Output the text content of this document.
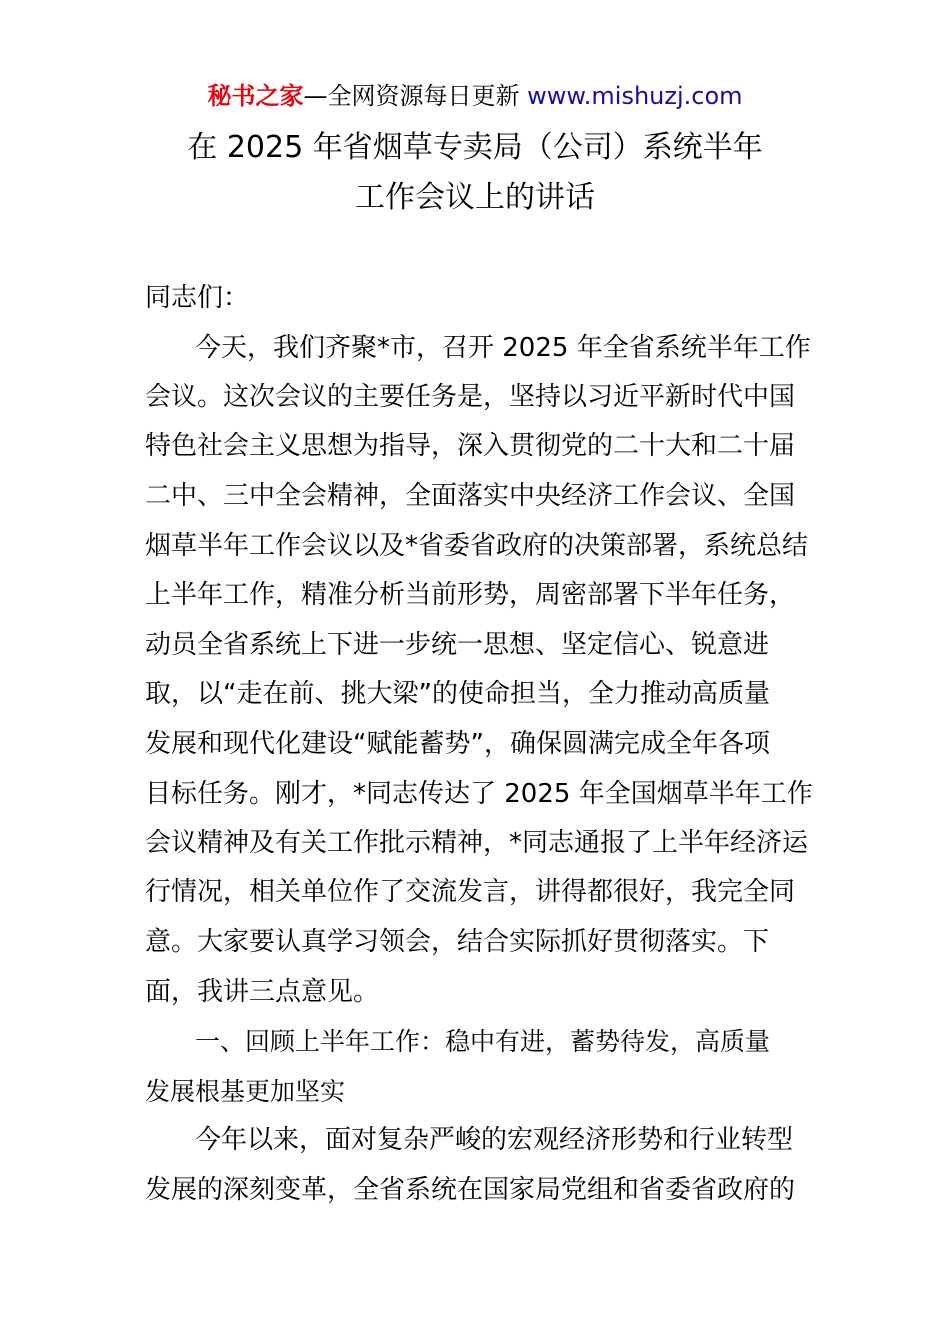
秘书之家—全网资源每日更新 www.mishuzj.com
在 2025 年省烟草专卖局（公司）系统半年
工作会议上的讲话
同志们：
今天，我们齐聚*市，召开 2025 年全省系统半年工作
会议。这次会议的主要任务是，坚持以习近平新时代中国
特色社会主义思想为指导，深入贯彻党的二十大和二十届
二中、三中全会精神，全面落实中央经济工作会议、全国
烟草半年工作会议以及*省委省政府的决策部署，系统总结
上半年工作，精准分析当前形势，周密部署下半年任务，
动员全省系统上下进一步统一思想、坚定信心、锐意进
取，以“走在前、挑大梁”的使命担当，全力推动高质量
发展和现代化建设“赋能蓄势”，确保圆满完成全年各项
目标任务。刚才，*同志传达了 2025 年全国烟草半年工作
会议精神及有关工作批示精神，*同志通报了上半年经济运
行情况，相关单位作了交流发言，讲得都很好，我完全同
意。大家要认真学习领会，结合实际抓好贯彻落实。下
面，我讲三点意见。
一、回顾上半年工作：稳中有进，蓄势待发，高质量
发展根基更加坚实
今年以来，面对复杂严峻的宏观经济形势和行业转型
发展的深刻变革，全省系统在国家局党组和省委省政府的
